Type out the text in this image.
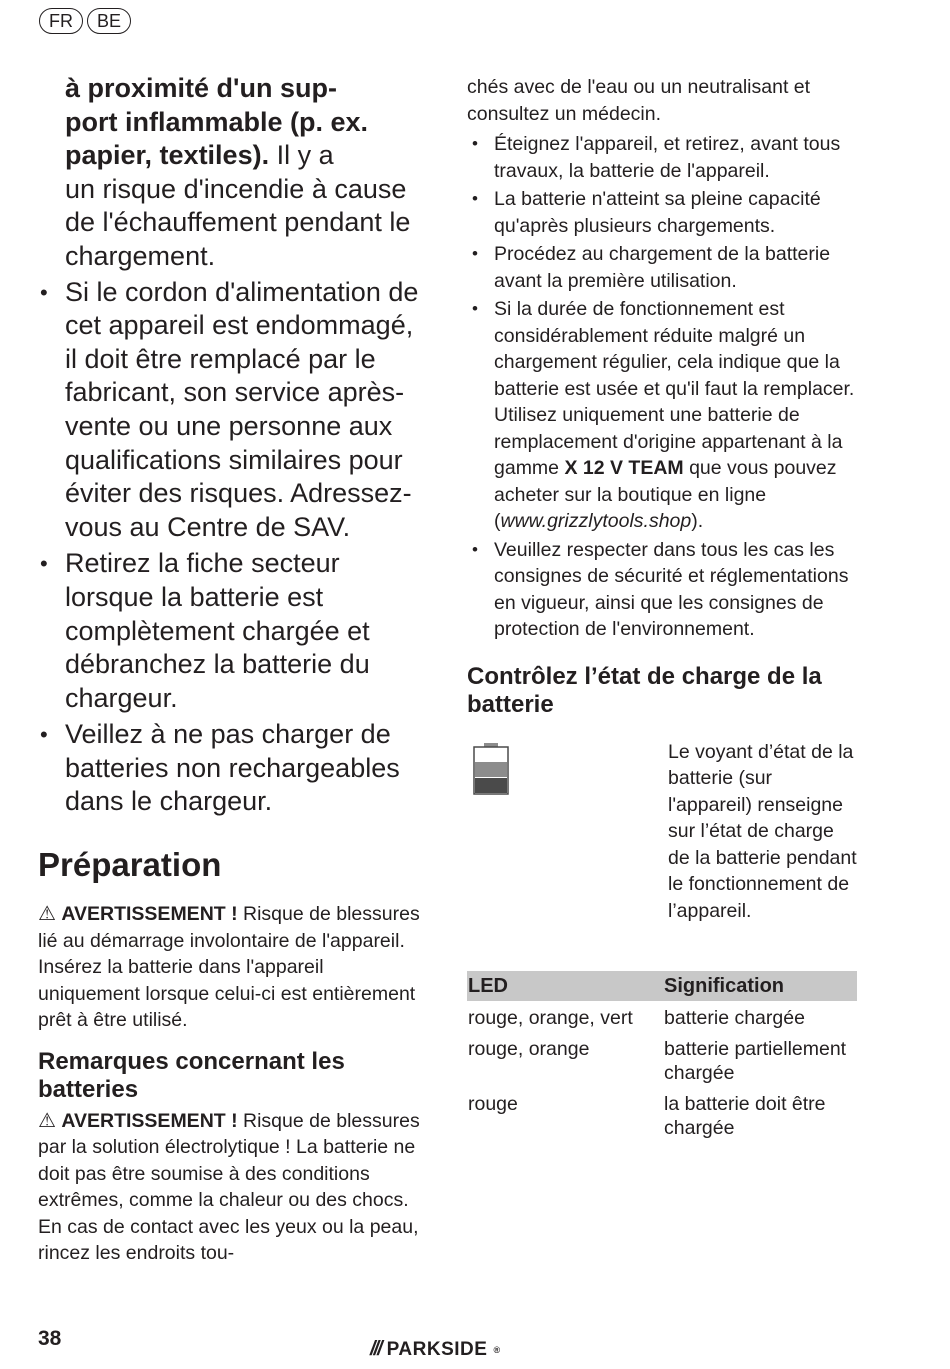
FR	BE
à proximité d'un sup-
port inflammable (p. ex.
papier, textiles). Il y a
un risque d'incendie à cause
de l'échauffement pendant le
chargement.
• Si le cordon d'alimentation de cet appareil est endommagé, il doit être remplacé par le fabricant, son service après-vente ou une personne aux qualifications similaires pour éviter des risques. Adressez-vous au Centre de SAV.
• Retirez la fiche secteur lorsque la batterie est complètement chargée et débranchez la batterie du chargeur.
• Veillez à ne pas charger de batteries non rechargeables dans le chargeur.
Préparation

⚠ AVERTISSEMENT ! Risque de blessures lié au démarrage involontaire de l'appareil. Insérez la batterie dans l'appareil uniquement lorsque celui-ci est entièrement prêt à être utilisé.

Remarques concernant les batteries

⚠ AVERTISSEMENT ! Risque de blessures par la solution électrolytique ! La batterie ne doit pas être soumise à des conditions extrêmes, comme la chaleur ou des chocs. En cas de contact avec les yeux ou la peau, rincez les endroits tou-

chés avec de l'eau ou un neutralisant et consultez un médecin.

• Éteignez l'appareil, et retirez, avant tous travaux, la batterie de l'appareil.
• La batterie n'atteint sa pleine capacité qu'après plusieurs chargements.
• Procédez au chargement de la batterie avant la première utilisation.
• Si la durée de fonctionnement est considérablement réduite malgré un chargement régulier, cela indique que la batterie est usée et qu'il faut la remplacer. Utilisez uniquement une batterie de remplacement d'origine appartenant à la gamme X 12 V TEAM que vous pouvez acheter sur la boutique en ligne (www.grizzlytools.shop).
• Veuillez respecter dans tous les cas les consignes de sécurité et réglementations en vigueur, ainsi que les consignes de protection de l'environnement.
Contrôlez l’état de charge de la batterie
Le voyant d’état de la batterie (sur l'appareil) renseigne sur l’état de charge de la batterie pendant le fonctionnement de l’appareil.
LED	Signification
rouge, orange, vert	batterie chargée
rouge, orange	batterie partiellement chargée
rouge	la batterie doit être chargée
38	/// PARKSIDE ®
